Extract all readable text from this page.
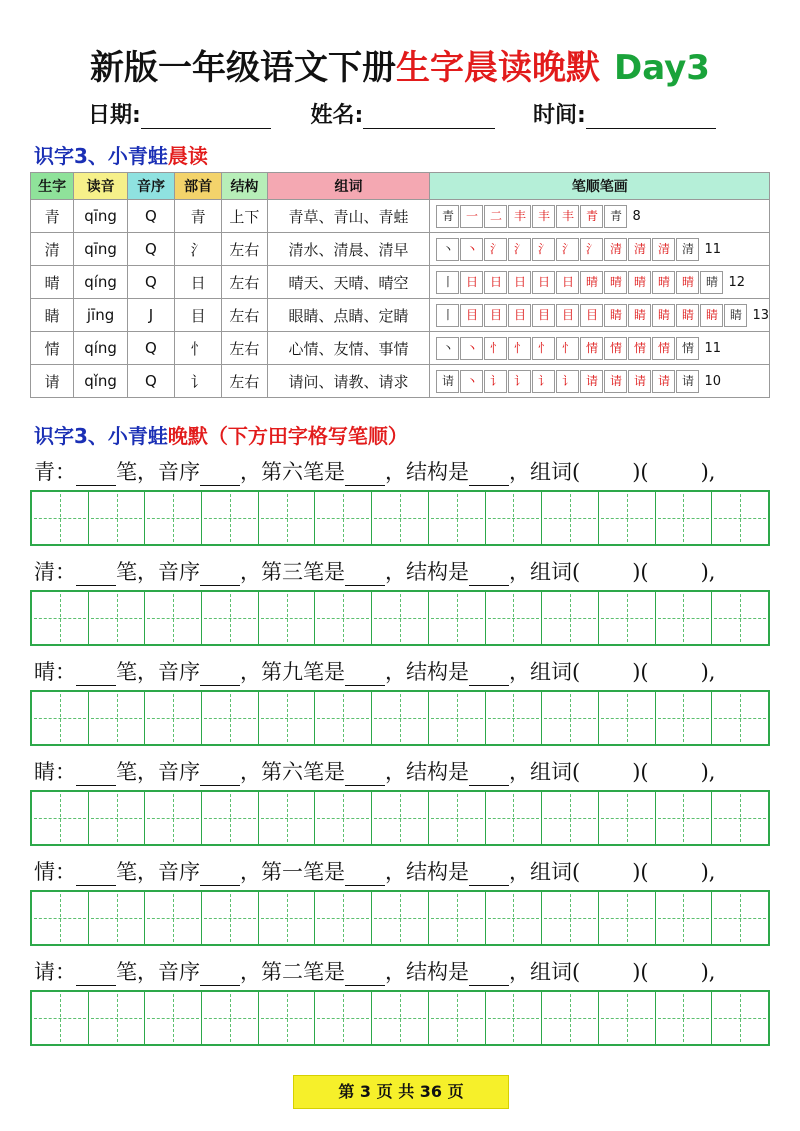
新版一年级语文下册生字晨读晚默 Day3
日期:	姓名:	时间:
识字3、小青蛙晨读
生字	读音	音序	部首	结构	组词	笔顺笔画
青	qīng	Q	青	上下	青草、青山、青蛙	青 一 二 丰 丰 丰 青 青 8
清	qīng	Q	氵	左右	清水、清晨、清早	丶 丶 氵 氵 氵 氵 氵 清 清 清 清 11
晴	qíng	Q	日	左右	晴天、天晴、晴空	丨 日 日 日 日 日 晴 晴 晴 晴 晴 晴 12
睛	jīng	J	目	左右	眼睛、点睛、定睛	丨 目 目 目 目 目 目 睛 睛 睛 睛 睛 睛 13
情	qíng	Q	忄	左右	心情、友情、事情	丶 丶 忄 忄 忄 忄 情 情 情 情 情 11
请	qǐng	Q	讠	左右	请问、请教、请求	请 丶 讠 讠 讠 讠 请 请 请 请 请 10
识字3、小青蛙晚默（下方田字格写笔顺）
青： 笔，音序 ，第六笔是 ，结构是 ，组词( )( ),
清： 笔，音序 ，第三笔是 ，结构是 ，组词( )( ),
晴： 笔，音序 ，第九笔是 ，结构是 ，组词( )( ),
睛： 笔，音序 ，第六笔是 ，结构是 ，组词( )( ),
情： 笔，音序 ，第一笔是 ，结构是 ，组词( )( ),
请： 笔，音序 ，第二笔是 ，结构是 ，组词( )( ),
第 3 页 共 36 页
